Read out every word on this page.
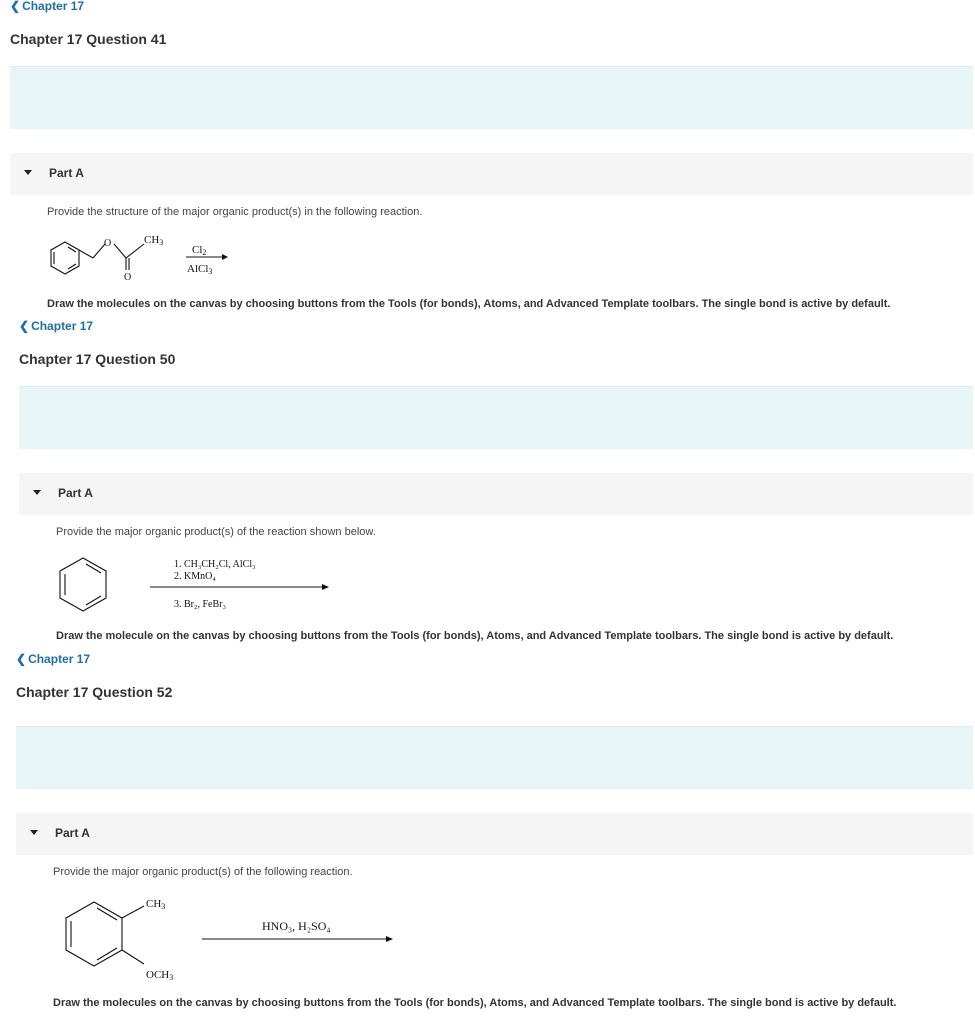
❮ Chapter 17
Chapter 17 Question 41
Part A
Provide the structure of the major organic product(s) in the following reaction.
O
O
CH3
Cl2
AlCl3
Draw the molecules on the canvas by choosing buttons from the Tools (for bonds), Atoms, and Advanced Template toolbars. The single bond is active by default.
❮ Chapter 17
Chapter 17 Question 50
Part A
Provide the major organic product(s) of the reaction shown below.
1. CH₃CH₂Cl, AlCl₃
2. KMnO₄
3. Br₂, FeBr₃
Draw the molecule on the canvas by choosing buttons from the Tools (for bonds), Atoms, and Advanced Template toolbars. The single bond is active by default.
❮ Chapter 17
Chapter 17 Question 52
Part A
Provide the major organic product(s) of the following reaction.
CH3
OCH3
HNO₃, H₂SO₄
Draw the molecules on the canvas by choosing buttons from the Tools (for bonds), Atoms, and Advanced Template toolbars. The single bond is active by default.
